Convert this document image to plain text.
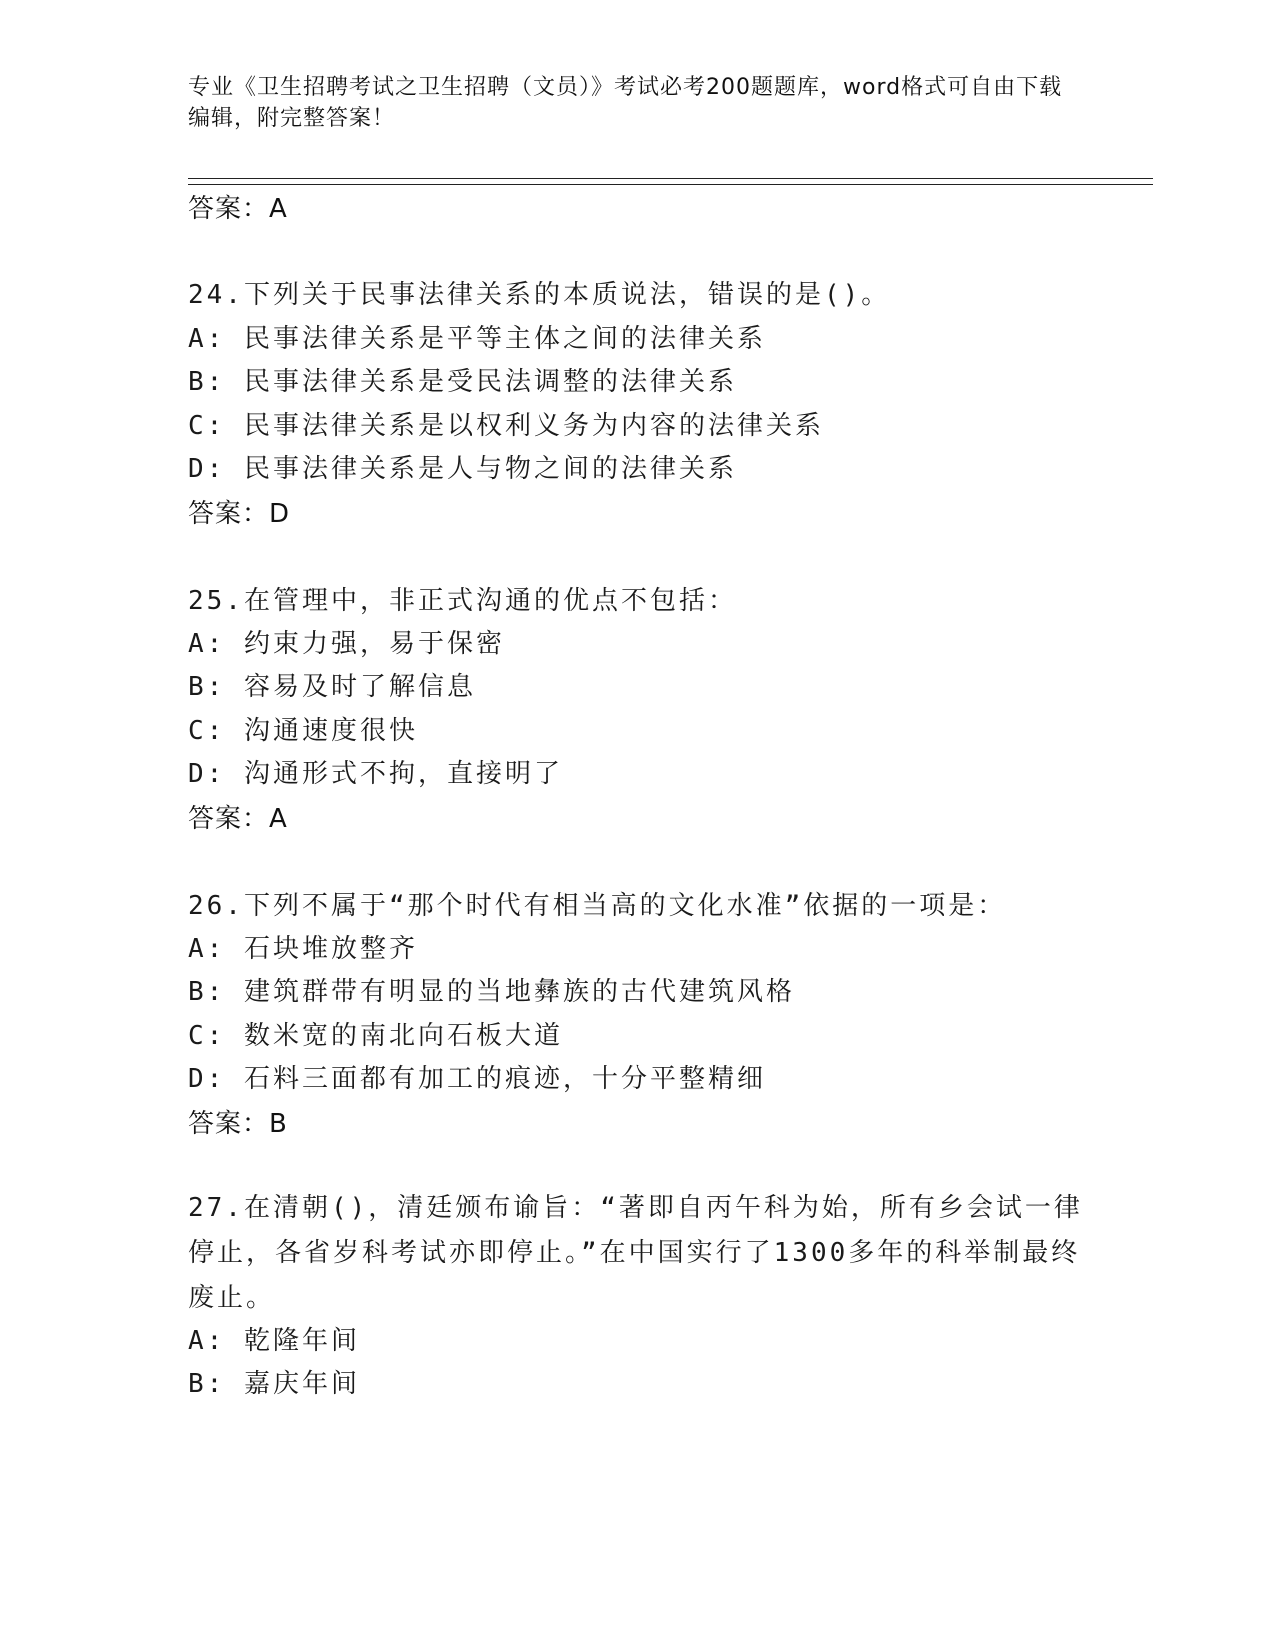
专业《卫生招聘考试之卫生招聘（文员）》考试必考200题题库，word格式可自由下载编辑，附完整答案！
答案：A
24.下列关于民事法律关系的本质说法，错误的是()。
A: 民事法律关系是平等主体之间的法律关系
B: 民事法律关系是受民法调整的法律关系
C: 民事法律关系是以权利义务为内容的法律关系
D: 民事法律关系是人与物之间的法律关系
答案：D
25.在管理中，非正式沟通的优点不包括：
A: 约束力强，易于保密
B: 容易及时了解信息
C: 沟通速度很快
D: 沟通形式不拘，直接明了
答案：A
26.下列不属于“那个时代有相当高的文化水准”依据的一项是：
A: 石块堆放整齐
B: 建筑群带有明显的当地彝族的古代建筑风格
C: 数米宽的南北向石板大道
D: 石料三面都有加工的痕迹，十分平整精细
答案：B
27.在清朝()，清廷颁布谕旨：“著即自丙午科为始，所有乡会试一律停止，各省岁科考试亦即停止。”在中国实行了1300多年的科举制最终废止。
A: 乾隆年间
B: 嘉庆年间
